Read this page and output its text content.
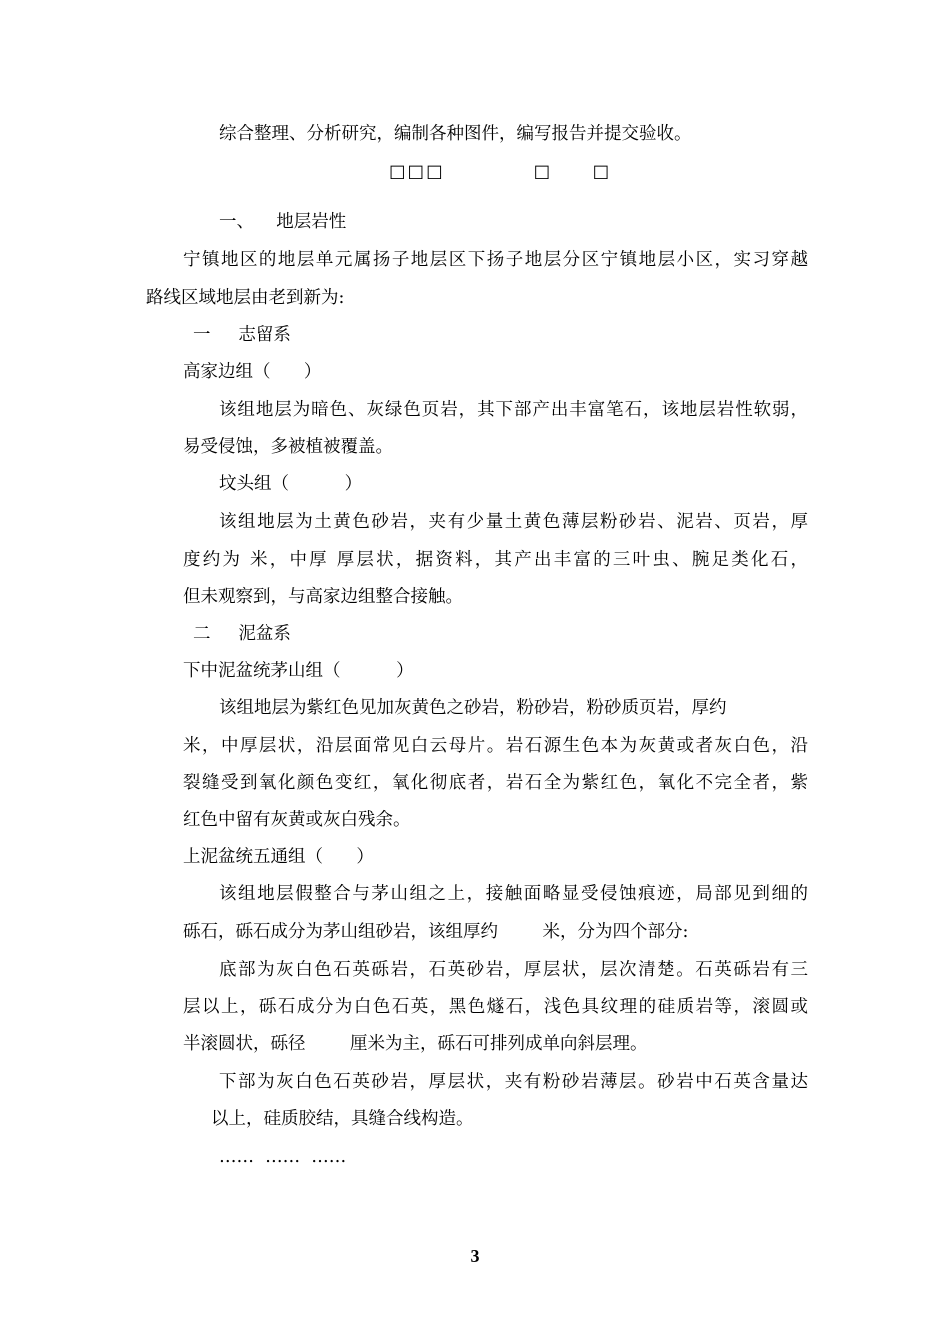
综合整理、分析研究，编制各种图件，编写报告并提交验收。
□□□           □     □
一、    地层岩性
宁镇地区的地层单元属扬子地层区下扬子地层分区宁镇地层小区，实习穿越
路线区域地层由老到新为:
一     志留系
高家边组（      ）
该组地层为暗色、灰绿色页岩，其下部产出丰富笔石，该地层岩性软弱，
易受侵蚀，多被植被覆盖。
坟头组（          ）
该组地层为土黄色砂岩，夹有少量土黄色薄层粉砂岩、泥岩、页岩，厚
度约为 米，中厚 厚层状，据资料，其产出丰富的三叶虫、腕足类化石，
但未观察到，与高家边组整合接触。
二     泥盆系
下中泥盆统茅山组（          ）
该组地层为紫红色见加灰黄色之砂岩，粉砂岩，粉砂质页岩，厚约
米，中厚层状，沿层面常见白云母片。岩石源生色本为灰黄或者灰白色，沿
裂缝受到氧化颜色变红，氧化彻底者，岩石全为紫红色，氧化不完全者，紫
红色中留有灰黄或灰白残余。
上泥盆统五通组（      ）
该组地层假整合与茅山组之上，接触面略显受侵蚀痕迹，局部见到细的
砾石，砾石成分为茅山组砂岩，该组厚约        米，分为四个部分:
底部为灰白色石英砾岩，石英砂岩，厚层状，层次清楚。石英砾岩有三
层以上，砾石成分为白色石英，黑色燧石，浅色具纹理的硅质岩等，滚圆或
半滚圆状，砾径        厘米为主，砾石可排列成单向斜层理。
下部为灰白色石英砂岩，厚层状，夹有粉砂岩薄层。砂岩中石英含量达
以上，硅质胶结，具缝合线构造。
……  ……  ……
3
